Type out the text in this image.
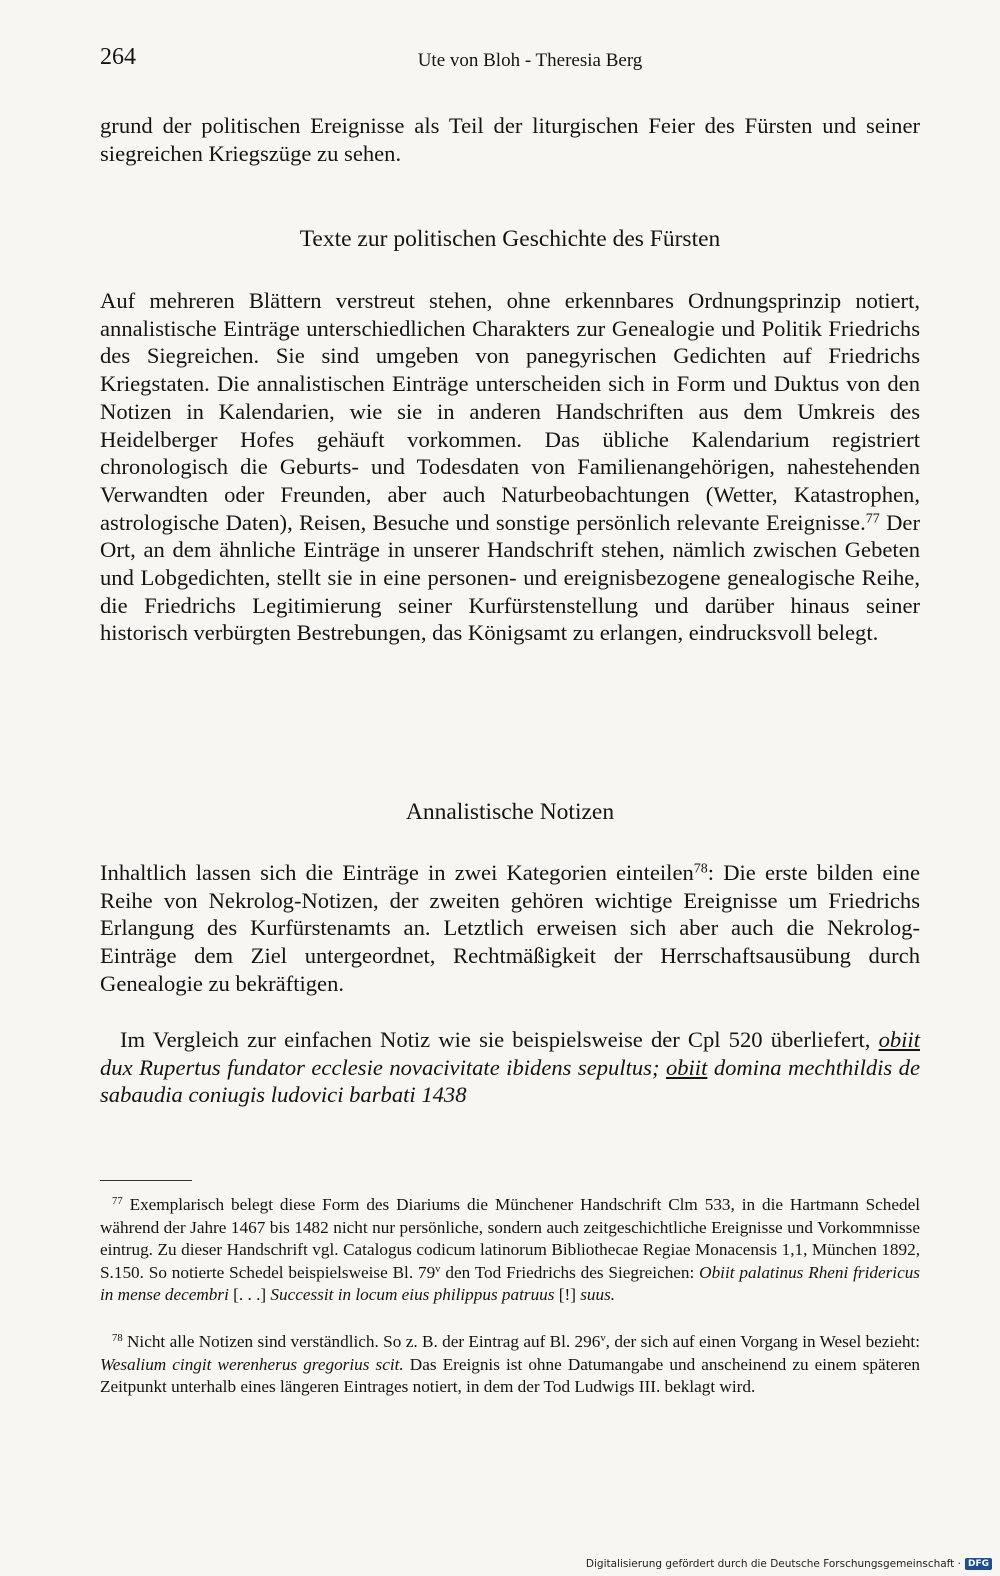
264	Ute von Bloh - Theresia Berg

grund der politischen Ereignisse als Teil der liturgischen Feier des Fürsten und seiner siegreichen Kriegszüge zu sehen.

Texte zur politischen Geschichte des Fürsten

Auf mehreren Blättern verstreut stehen, ohne erkennbares Ordnungsprinzip notiert, annalistische Einträge unterschiedlichen Charakters zur Genealogie und Politik Friedrichs des Siegreichen. Sie sind umgeben von panegyrischen Gedichten auf Friedrichs Kriegstaten. Die annalistischen Einträge unterscheiden sich in Form und Duktus von den Notizen in Kalendarien, wie sie in anderen Handschriften aus dem Umkreis des Heidelberger Hofes gehäuft vorkommen. Das übliche Kalendarium registriert chronologisch die Geburts- und Todesdaten von Familienangehörigen, nahestehenden Verwandten oder Freunden, aber auch Naturbeobachtungen (Wetter, Katastrophen, astrologische Daten), Reisen, Besuche und sonstige persönlich relevante Ereignisse.$^{77}$ Der Ort, an dem ähnliche Einträge in unserer Handschrift stehen, nämlich zwischen Gebeten und Lobgedichten, stellt sie in eine personen- und ereignisbezogene genealogische Reihe, die Friedrichs Legitimierung seiner Kurfürstenstellung und darüber hinaus seiner historisch verbürgten Bestrebungen, das Königsamt zu erlangen, eindrucksvoll belegt.

Annalistische Notizen

Inhaltlich lassen sich die Einträge in zwei Kategorien einteilen$^{78}$: Die erste bilden eine Reihe von Nekrolog-Notizen, der zweiten gehören wichtige Ereignisse um Friedrichs Erlangung des Kurfürstenamts an. Letztlich erweisen sich aber auch die Nekrolog-Einträge dem Ziel untergeordnet, Rechtmäßigkeit der Herrschaftsausübung durch Genealogie zu bekräftigen.

Im Vergleich zur einfachen Notiz wie sie beispielsweise der Cpl 520 überliefert, obiit dux Rupertus fundator ecclesie novacivitate ibidens sepultus; obiit domina mechthildis de sabaudia coniugis ludovici barbati 1438

$^{77}$ Exemplarisch belegt diese Form des Diariums die Münchener Handschrift Clm 533, in die Hartmann Schedel während der Jahre 1467 bis 1482 nicht nur persönliche, sondern auch zeitgeschichtliche Ereignisse und Vorkommnisse eintrug. Zu dieser Handschrift vgl. Catalogus codicum latinorum Bibliothecae Regiae Monacensis 1,1, München 1892, S.150. So notierte Schedel beispielsweise Bl. 79$^v$ den Tod Friedrichs des Siegreichen: Obiit palatinus Rheni fridericus in mense decembri [. . .] Successit in locum eius philippus patruus [!] suus.

$^{78}$ Nicht alle Notizen sind verständlich. So z. B. der Eintrag auf Bl. 296$^v$, der sich auf einen Vorgang in Wesel bezieht: Wesalium cingit werenherus gregorius scit. Das Ereignis ist ohne Datumangabe und anscheinend zu einem späteren Zeitpunkt unterhalb eines längeren Eintrages notiert, in dem der Tod Ludwigs III. beklagt wird.

Digitalisierung gefördert durch die Deutsche Forschungsgemeinschaft · DFG
